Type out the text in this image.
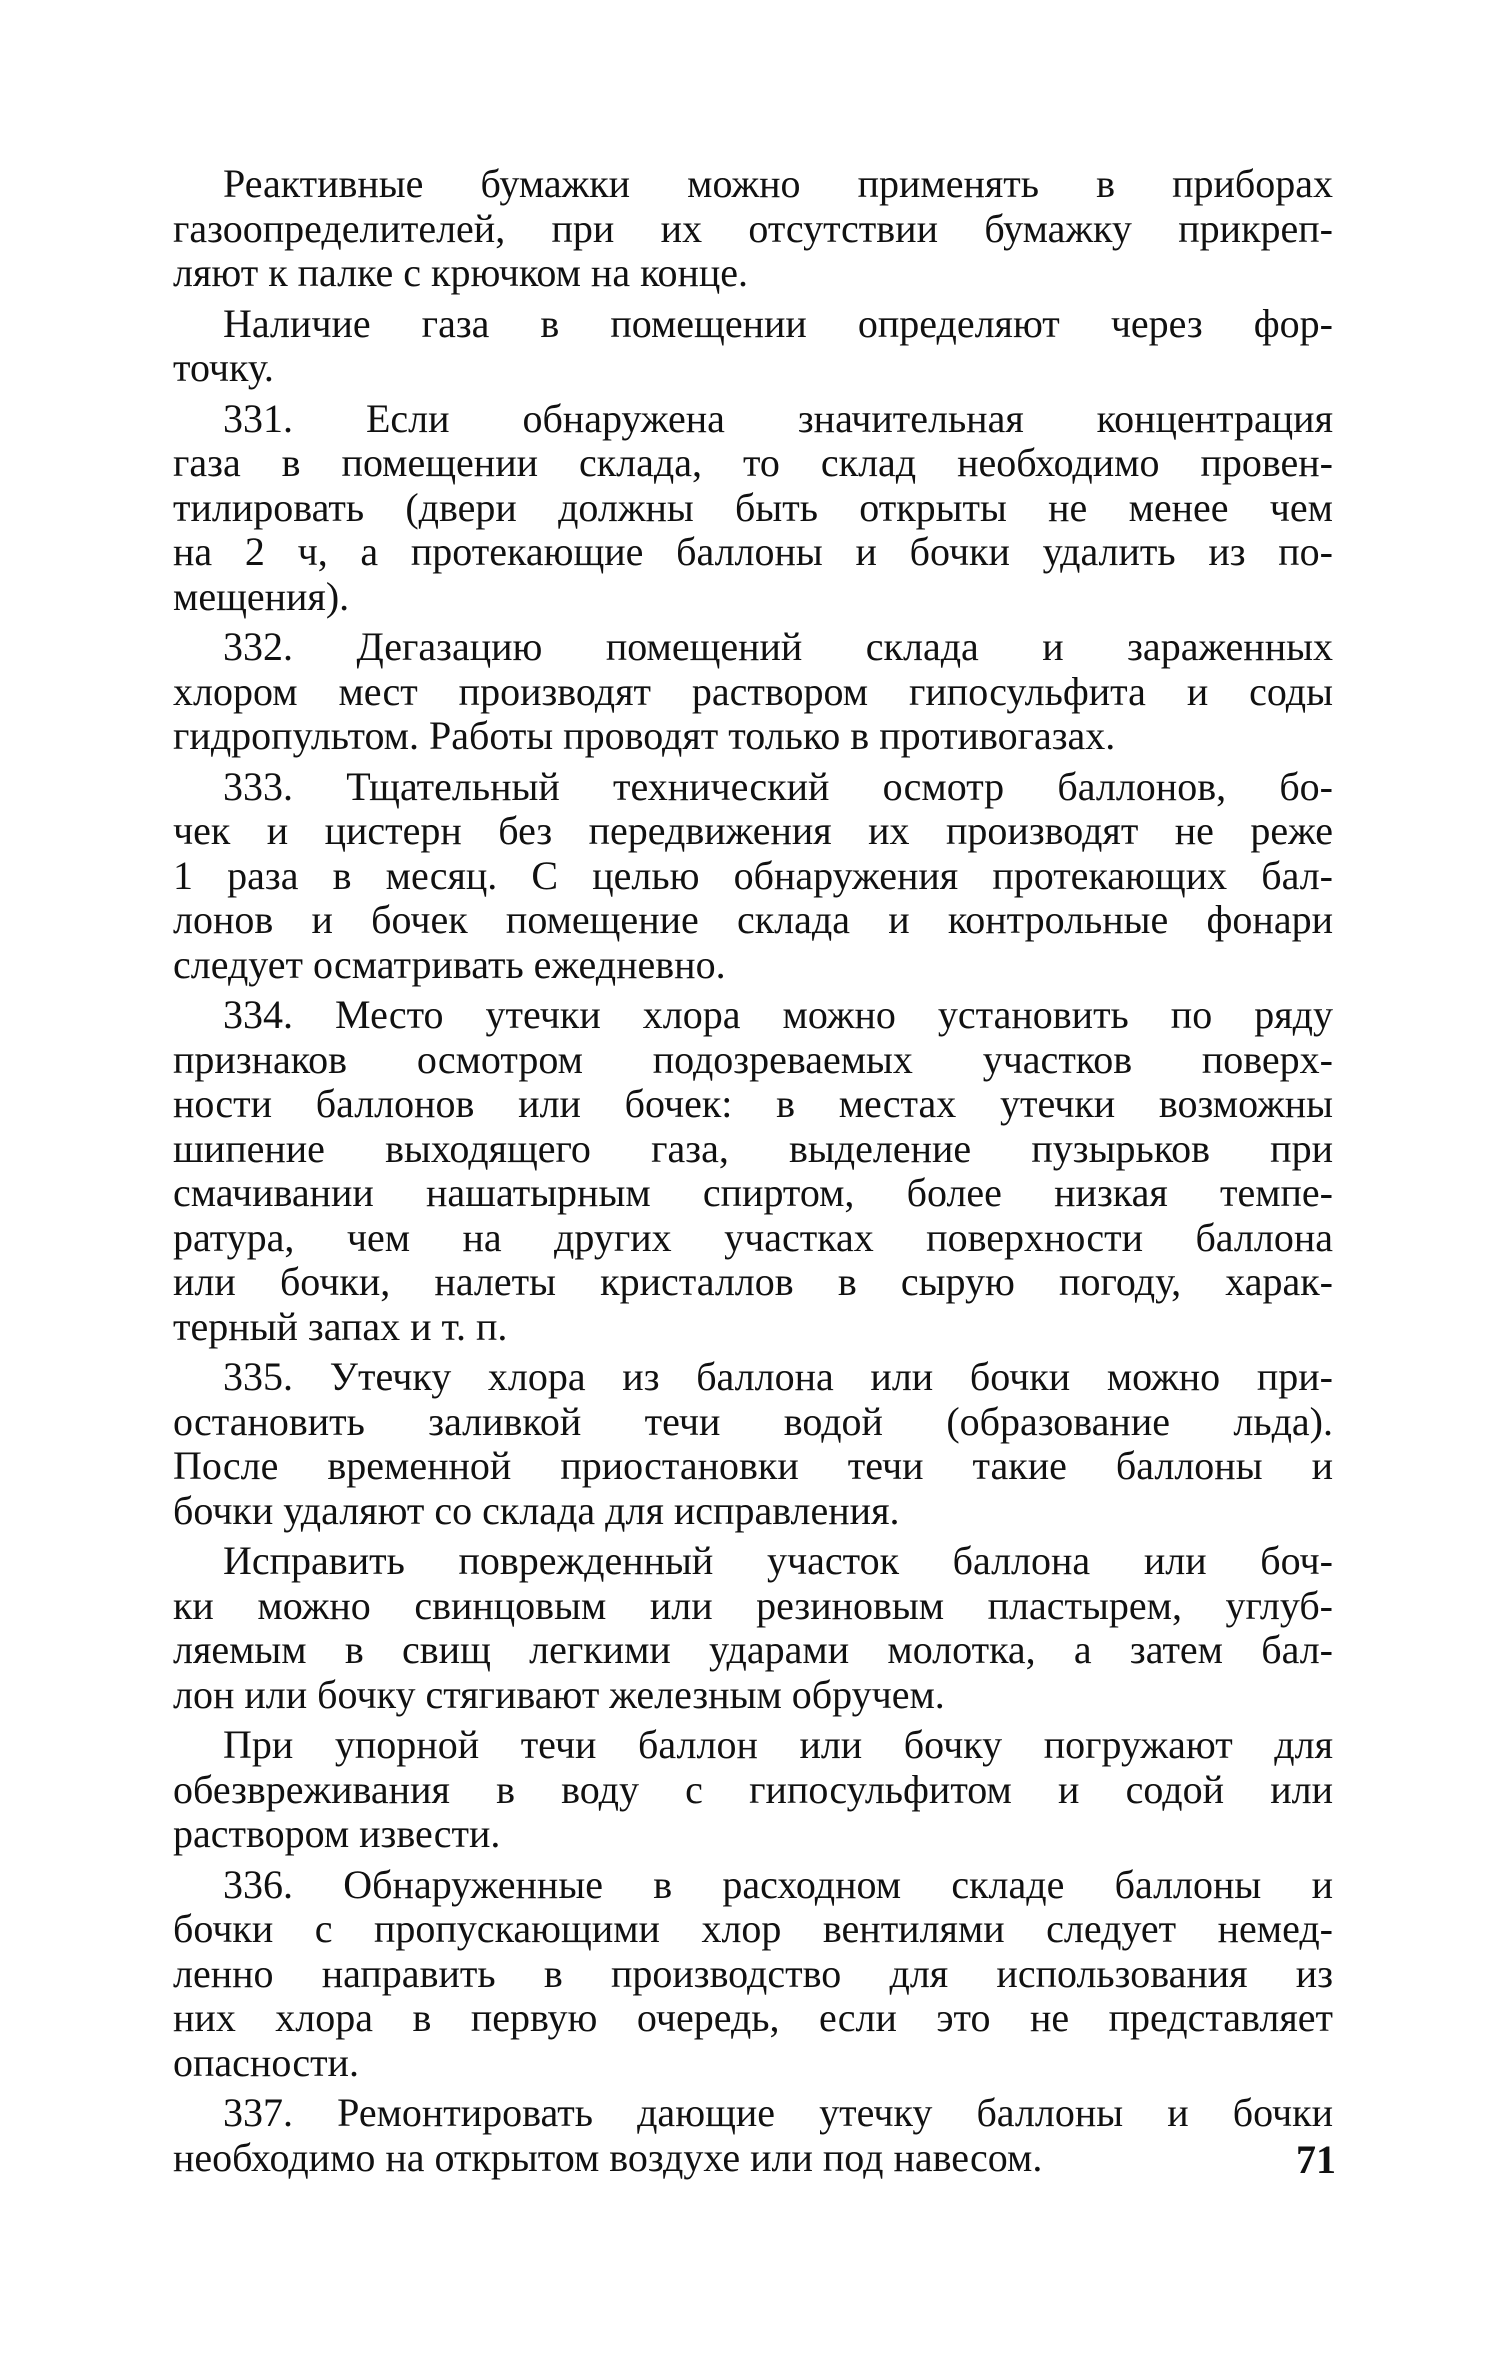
Реактивные бумажки можно применять в приборах
газоопределителей, при их отсутствии бумажку прикреп-
ляют к палке с крючком на конце.
Наличие газа в помещении определяют через фор-
точку.
331. Если обнаружена значительная концентрация
газа в помещении склада, то склад необходимо провен-
тилировать (двери должны быть открыты не менее чем
на 2 ч, а протекающие баллоны и бочки удалить из по-
мещения).
332. Дегазацию помещений склада и зараженных
хлором мест производят раствором гипосульфита и соды
гидропультом. Работы проводят только в противогазах.
333. Тщательный технический осмотр баллонов, бо-
чек и цистерн без передвижения их производят не реже
1 раза в месяц. С целью обнаружения протекающих бал-
лонов и бочек помещение склада и контрольные фонари
следует осматривать ежедневно.
334. Место утечки хлора можно установить по ряду
признаков осмотром подозреваемых участков поверх-
ности баллонов или бочек: в местах утечки возможны
шипение выходящего газа, выделение пузырьков при
смачивании нашатырным спиртом, более низкая темпе-
ратура, чем на других участках поверхности баллона
или бочки, налеты кристаллов в сырую погоду, харак-
терный запах и т. п.
335. Утечку хлора из баллона или бочки можно при-
остановить заливкой течи водой (образование льда).
После временной приостановки течи такие баллоны и
бочки удаляют со склада для исправления.
Исправить поврежденный участок баллона или боч-
ки можно свинцовым или резиновым пластырем, углуб-
ляемым в свищ легкими ударами молотка, а затем бал-
лон или бочку стягивают железным обручем.
При упорной течи баллон или бочку погружают для
обезвреживания в воду с гипосульфитом и содой или
раствором извести.
336. Обнаруженные в расходном складе баллоны и
бочки с пропускающими хлор вентилями следует немед-
ленно направить в производство для использования из
них хлора в первую очередь, если это не представляет
опасности.
337. Ремонтировать дающие утечку баллоны и бочки
необходимо на открытом воздухе или под навесом.	71
